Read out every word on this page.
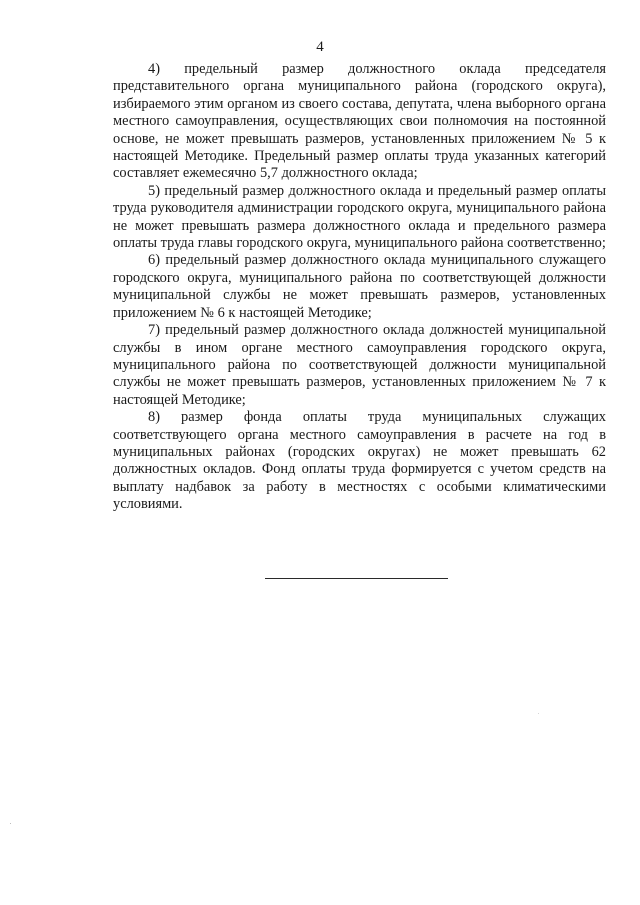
4

4) предельный размер должностного оклада председателя представительного органа муниципального района (городского округа), избираемого этим органом из своего состава, депутата, члена выборного органа местного самоуправления, осуществляющих свои полномочия на постоянной основе, не может превышать размеров, установленных приложением № 5 к настоящей Методике. Предельный размер оплаты труда указанных категорий составляет ежемесячно 5,7 должностного оклада;

5) предельный размер должностного оклада и предельный размер оплаты труда руководителя администрации городского округа, муниципального района не может превышать размера должностного оклада и предельного размера оплаты труда главы городского округа, муниципального района соответственно;

6) предельный размер должностного оклада муниципального служащего городского округа, муниципального района по соответствующей должности муниципальной службы не может превышать размеров, установленных приложением № 6 к настоящей Методике;

7) предельный размер должностного оклада должностей муниципальной службы в ином органе местного самоуправления городского округа, муниципального района по соответствующей должности муниципальной службы не может превышать размеров, установленных приложением № 7 к настоящей Методике;

8) размер фонда оплаты труда муниципальных служащих соответствующего органа местного самоуправления в расчете на год в муниципальных районах (городских округах) не может превышать 62 должностных окладов. Фонд оплаты труда формируется с учетом средств на выплату надбавок за работу в местностях с особыми климатическими условиями.
